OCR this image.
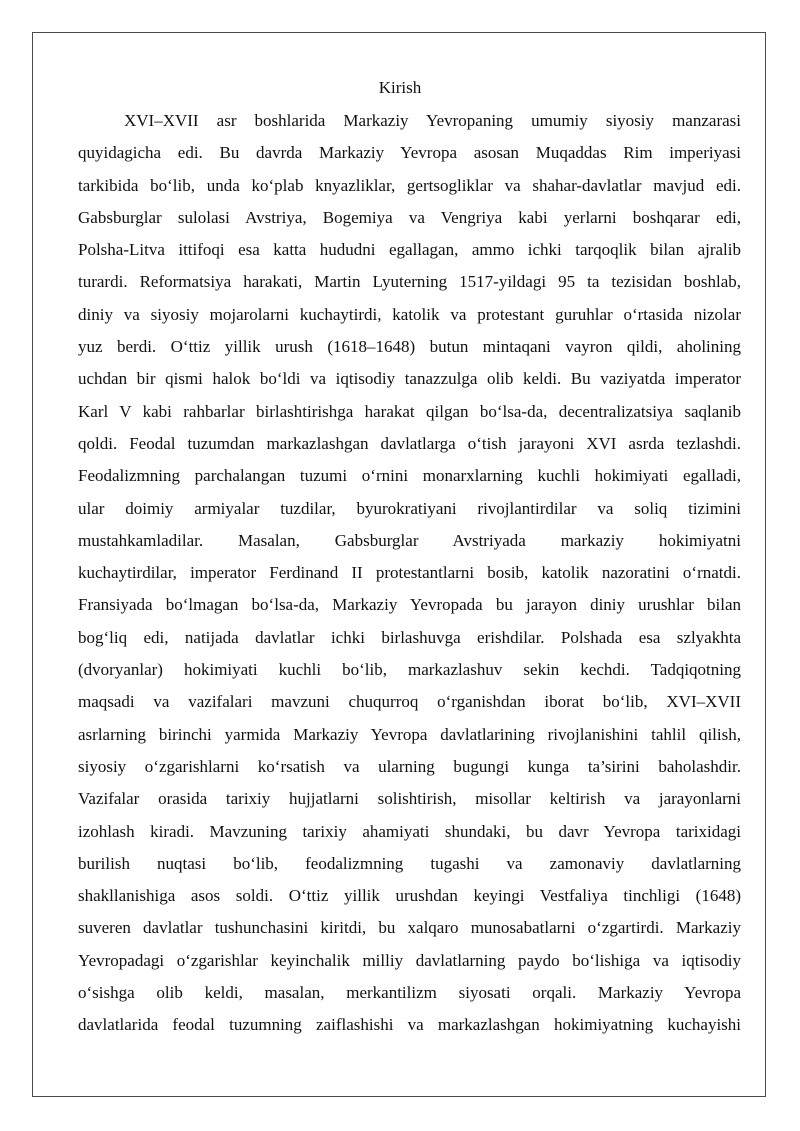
Kirish
XVI–XVII asr boshlarida Markaziy Yevropaning umumiy siyosiy manzarasi
quyidagicha edi. Bu davrda Markaziy Yevropa asosan Muqaddas Rim imperiyasi
tarkibida bo‘lib, unda ko‘plab knyazliklar, gertsogliklar va shahar-davlatlar mavjud edi.
Gabsburglar sulolasi Avstriya, Bogemiya va Vengriya kabi yerlarni boshqarar edi,
Polsha-Litva ittifoqi esa katta hududni egallagan, ammo ichki tarqoqlik bilan ajralib
turardi. Reformatsiya harakati, Martin Lyuterning 1517-yildagi 95 ta tezisidan boshlab,
diniy va siyosiy mojarolarni kuchaytirdi, katolik va protestant guruhlar o‘rtasida nizolar
yuz berdi. O‘ttiz yillik urush (1618–1648) butun mintaqani vayron qildi, aholining
uchdan bir qismi halok bo‘ldi va iqtisodiy tanazzulga olib keldi. Bu vaziyatda imperator
Karl V kabi rahbarlar birlashtirishga harakat qilgan bo‘lsa-da, decentralizatsiya saqlanib
qoldi. Feodal tuzumdan markazlashgan davlatlarga o‘tish jarayoni XVI asrda tezlashdi.
Feodalizmning parchalangan tuzumi o‘rnini monarxlarning kuchli hokimiyati egalladi,
ular doimiy armiyalar tuzdilar, byurokratiyani rivojlantirdilar va soliq tizimini
mustahkamladilar. Masalan, Gabsburglar Avstriyada markaziy hokimiyatni
kuchaytirdilar, imperator Ferdinand II protestantlarni bosib, katolik nazoratini o‘rnatdi.
Fransiyada bo‘lmagan bo‘lsa-da, Markaziy Yevropada bu jarayon diniy urushlar bilan
bog‘liq edi, natijada davlatlar ichki birlashuvga erishdilar. Polshada esa szlyakhta
(dvoryanlar) hokimiyati kuchli bo‘lib, markazlashuv sekin kechdi. Tadqiqotning
maqsadi va vazifalari mavzuni chuqurroq o‘rganishdan iborat bo‘lib, XVI–XVII
asrlarning birinchi yarmida Markaziy Yevropa davlatlarining rivojlanishini tahlil qilish,
siyosiy o‘zgarishlarni ko‘rsatish va ularning bugungi kunga ta’sirini baholashdir.
Vazifalar orasida tarixiy hujjatlarni solishtirish, misollar keltirish va jarayonlarni
izohlash kiradi. Mavzuning tarixiy ahamiyati shundaki, bu davr Yevropa tarixidagi
burilish nuqtasi bo‘lib, feodalizmning tugashi va zamonaviy davlatlarning
shakllanishiga asos soldi. O‘ttiz yillik urushdan keyingi Vestfaliya tinchligi (1648)
suveren davlatlar tushunchasini kiritdi, bu xalqaro munosabatlarni o‘zgartirdi. Markaziy
Yevropadagi o‘zgarishlar keyinchalik milliy davlatlarning paydo bo‘lishiga va iqtisodiy
o‘sishga olib keldi, masalan, merkantilizm siyosati orqali. Markaziy Yevropa
davlatlarida feodal tuzumning zaiflashishi va markazlashgan hokimiyatning kuchayishi
